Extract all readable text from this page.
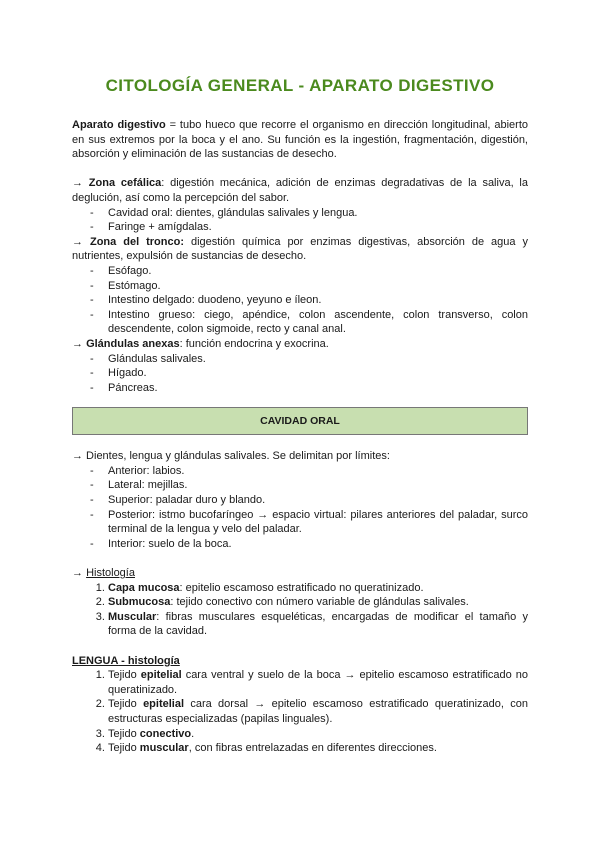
CITOLOGÍA GENERAL - APARATO DIGESTIVO

Aparato digestivo = tubo hueco que recorre el organismo en dirección longitudinal, abierto en sus extremos por la boca y el ano. Su función es la ingestión, fragmentación, digestión, absorción y eliminación de las sustancias de desecho.

→ Zona cefálica: digestión mecánica, adición de enzimas degradativas de la saliva, la deglución, así como la percepción del sabor.

- Cavidad oral: dientes, glándulas salivales y lengua.
- Faringe + amígdalas.

→ Zona del tronco: digestión química por enzimas digestivas, absorción de agua y nutrientes, expulsión de sustancias de desecho.

- Esófago.
- Estómago.
- Intestino delgado: duodeno, yeyuno e íleon.
- Intestino grueso: ciego, apéndice, colon ascendente, colon transverso, colon descendente, colon sigmoide, recto y canal anal.

→ Glándulas anexas: función endocrina y exocrina.

- Glándulas salivales.
- Hígado.
- Páncreas.
CAVIDAD ORAL

→ Dientes, lengua y glándulas salivales. Se delimitan por límites:

- Anterior: labios.
- Lateral: mejillas.
- Superior: paladar duro y blando.
- Posterior: istmo bucofaríngeo → espacio virtual: pilares anteriores del paladar, surco terminal de la lengua y velo del paladar.
- Interior: suelo de la boca.

→ Histología

1. Capa mucosa: epitelio escamoso estratificado no queratinizado.
2. Submucosa: tejido conectivo con número variable de glándulas salivales.
3. Muscular: fibras musculares esqueléticas, encargadas de modificar el tamaño y forma de la cavidad.

LENGUA - histología

1. Tejido epitelial cara ventral y suelo de la boca → epitelio escamoso estratificado no queratinizado.
2. Tejido epitelial cara dorsal → epitelio escamoso estratificado queratinizado, con estructuras especializadas (papilas linguales).
3. Tejido conectivo.
4. Tejido muscular, con fibras entrelazadas en diferentes direcciones.
